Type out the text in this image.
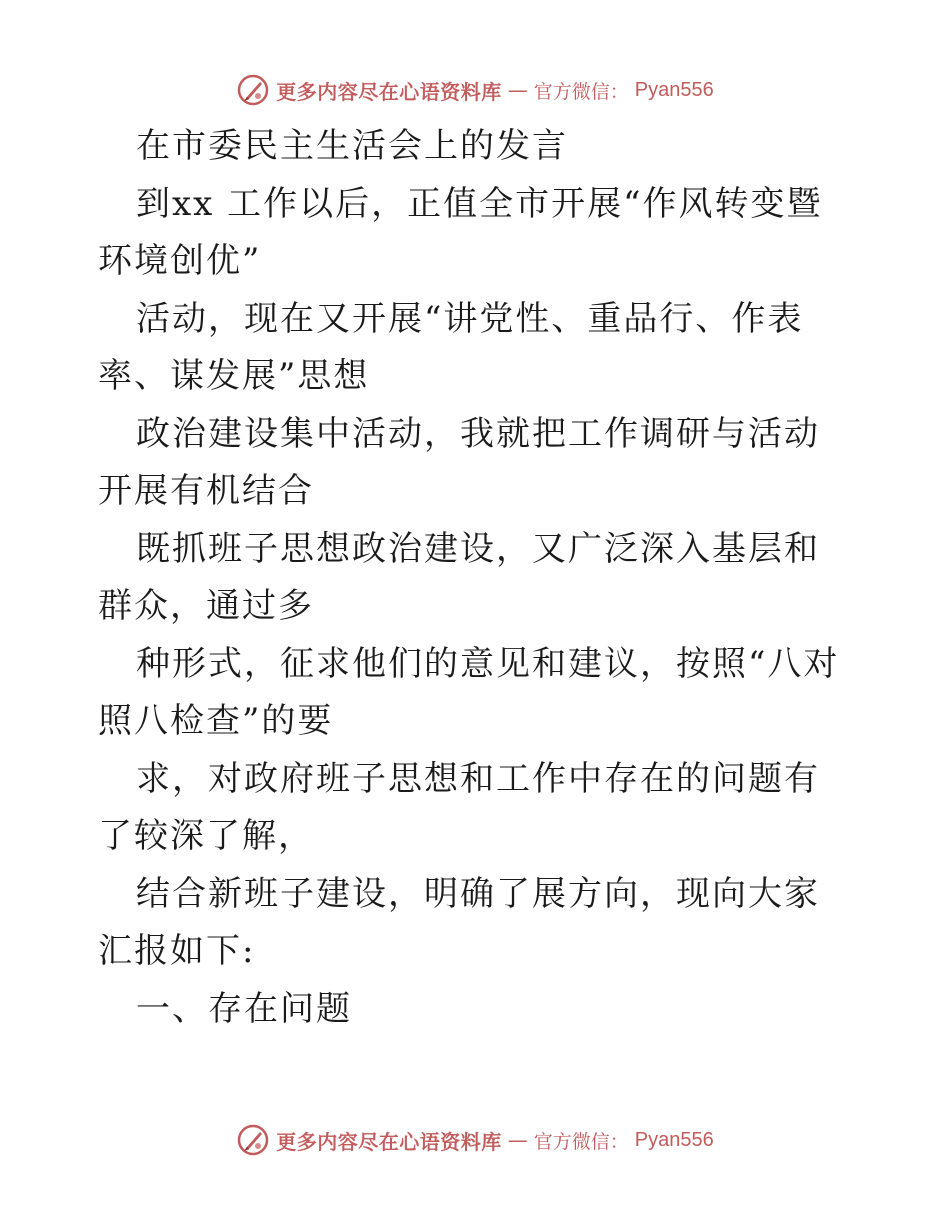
更多内容尽在心语资料库 — 官方微信： Pyan556

在市委民主生活会上的发言

到xx 工作以后，正值全市开展“作风转变暨环境创优”

活动，现在又开展“讲党性、重品行、作表率、谋发展”思想

政治建设集中活动，我就把工作调研与活动开展有机结合

既抓班子思想政治建设，又广泛深入基层和群众，通过多

种形式，征求他们的意见和建议，按照“八对照八检查”的要

求，对政府班子思想和工作中存在的问题有了较深了解，

结合新班子建设，明确了展方向，现向大家汇报如下:

一、存在问题

更多内容尽在心语资料库 — 官方微信： Pyan556
